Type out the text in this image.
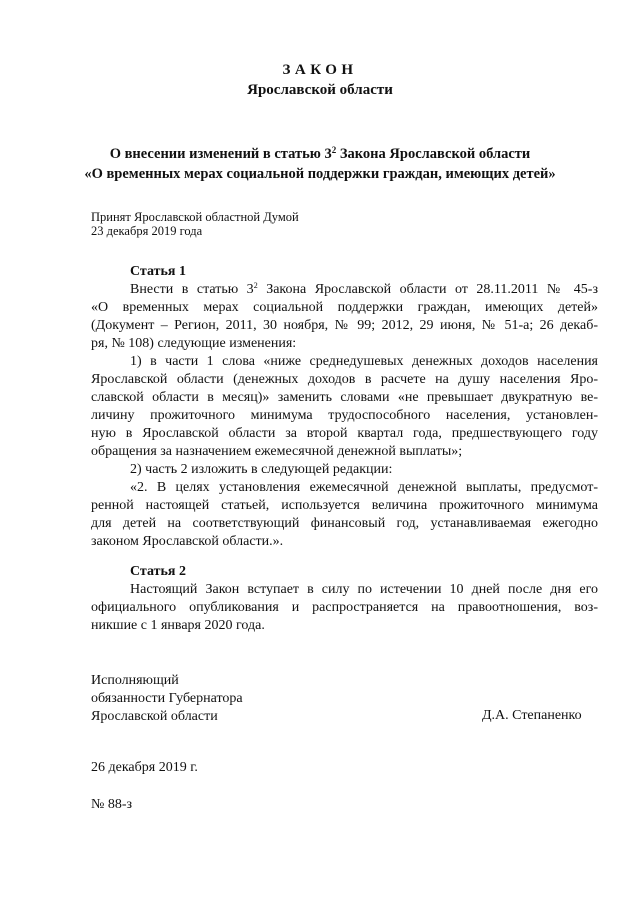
ЗАКОН
Ярославской области
О внесении изменений в статью $3^2$ Закона Ярославской области
«О временных мерах социальной поддержки граждан, имеющих детей»
Принят Ярославской областной Думой
23 декабря 2019 года
Статья 1
Внести в статью $3^2$ Закона Ярославской области от 28.11.2011 № 45-з
«О временных мерах социальной поддержки граждан, имеющих детей»
(Документ – Регион, 2011, 30 ноября, № 99; 2012, 29 июня, № 51-а; 26 декаб-
ря, № 108) следующие изменения:
1) в части 1 слова «ниже среднедушевых денежных доходов населения
Ярославской области (денежных доходов в расчете на душу населения Яро-
славской области в месяц)» заменить словами «не превышает двукратную ве-
личину прожиточного минимума трудоспособного населения, установлен-
ную в Ярославской области за второй квартал года, предшествующего году
обращения за назначением ежемесячной денежной выплаты»;
2) часть 2 изложить в следующей редакции:
«2. В целях установления ежемесячной денежной выплаты, предусмот-
ренной настоящей статьей, используется величина прожиточного минимума
для детей на соответствующий финансовый год, устанавливаемая ежегодно
законом Ярославской области.».
Статья 2
Настоящий Закон вступает в силу по истечении 10 дней после дня его
официального опубликования и распространяется на правоотношения, воз-
никшие с 1 января 2020 года.
Исполняющий
обязанности Губернатора
Ярославской области	Д.А. Степаненко
26 декабря 2019 г.
№ 88-з
